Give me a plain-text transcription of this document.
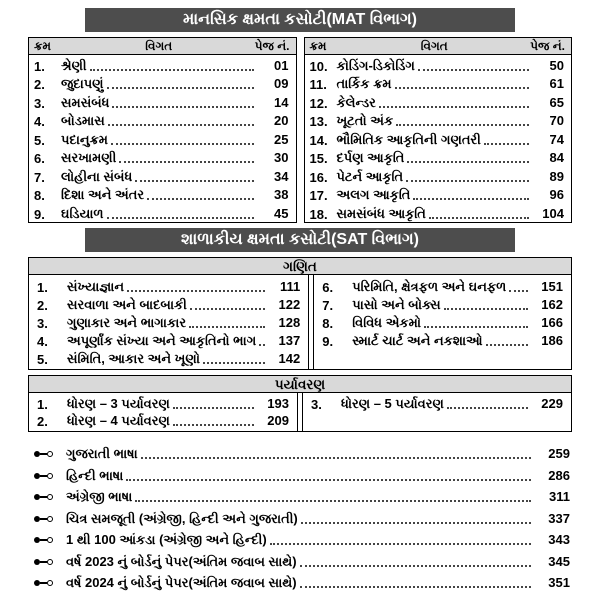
માનસિક ક્ષમતા કસોટી(MAT વિભાગ)
ક્રમ	વિગત	પેજ નં.
1.	શ્રેણી	01
2.	જુદાપણું	09
3.	સમસંબંધ	14
4.	બોડમાસ	20
5.	પદાનુક્રમ	25
6.	સરખામણી	30
7.	લોહીના સંબંધ	34
8.	દિશા અને અંતર	38
9.	ઘડિયાળ	45
ક્રમ	વિગત	પેજ નં.
10. કોડિંગ-ડિકોડિંગ	50
11. તાર્કિક ક્રમ	61
12. કેલેન્ડર	65
13. ખૂટતો અંક	70
14. ભૌમિતિક આકૃતિની ગણતરી	74
15. દર્પણ આકૃતિ	84
16. પેટર્ન આકૃતિ	89
17. અલગ આકૃતિ	96
18. સમસંબંધ આકૃતિ	104
શાળાકીય ક્ષમતા કસોટી(SAT વિભાગ)
ગણિત
1.	સંખ્યાજ્ઞાન	111
2.	સરવાળા અને બાદબાકી	122
3.	ગુણાકાર અને ભાગાકાર	128
4.	અપૂર્ણાંક સંખ્યા અને આકૃતિનો ભાગ	137
5.	સંમિતિ, આકાર અને ખૂણો	142
6.	પરિમિતિ, ક્ષેત્રફળ અને ઘનફળ	151
7.	પાસો અને બોક્સ	162
8.	વિવિધ એકમો	166
9.	સ્માર્ટ ચાર્ટ અને નકશાઓ	186
પર્યાવરણ
1.	ધોરણ – 3 પર્યાવરણ	193
2.	ધોરણ – 4 પર્યાવરણ	209
3.	ધોરણ – 5 પર્યાવરણ	229
ગુજરાતી ભાષા	259
હિન્દી ભાષા	286
અંગ્રેજી ભાષા	311
ચિત્ર સમજૂતી (અંગ્રેજી, હિન્દી અને ગુજરાતી)	337
1 થી 100 આંકડા (અંગ્રેજી અને હિન્દી)	343
વર્ષ 2023 નું બોર્ડનું પેપર(અંતિમ જવાબ સાથે)	345
વર્ષ 2024 નું બોર્ડનું પેપર(અંતિમ જવાબ સાથે)	351
